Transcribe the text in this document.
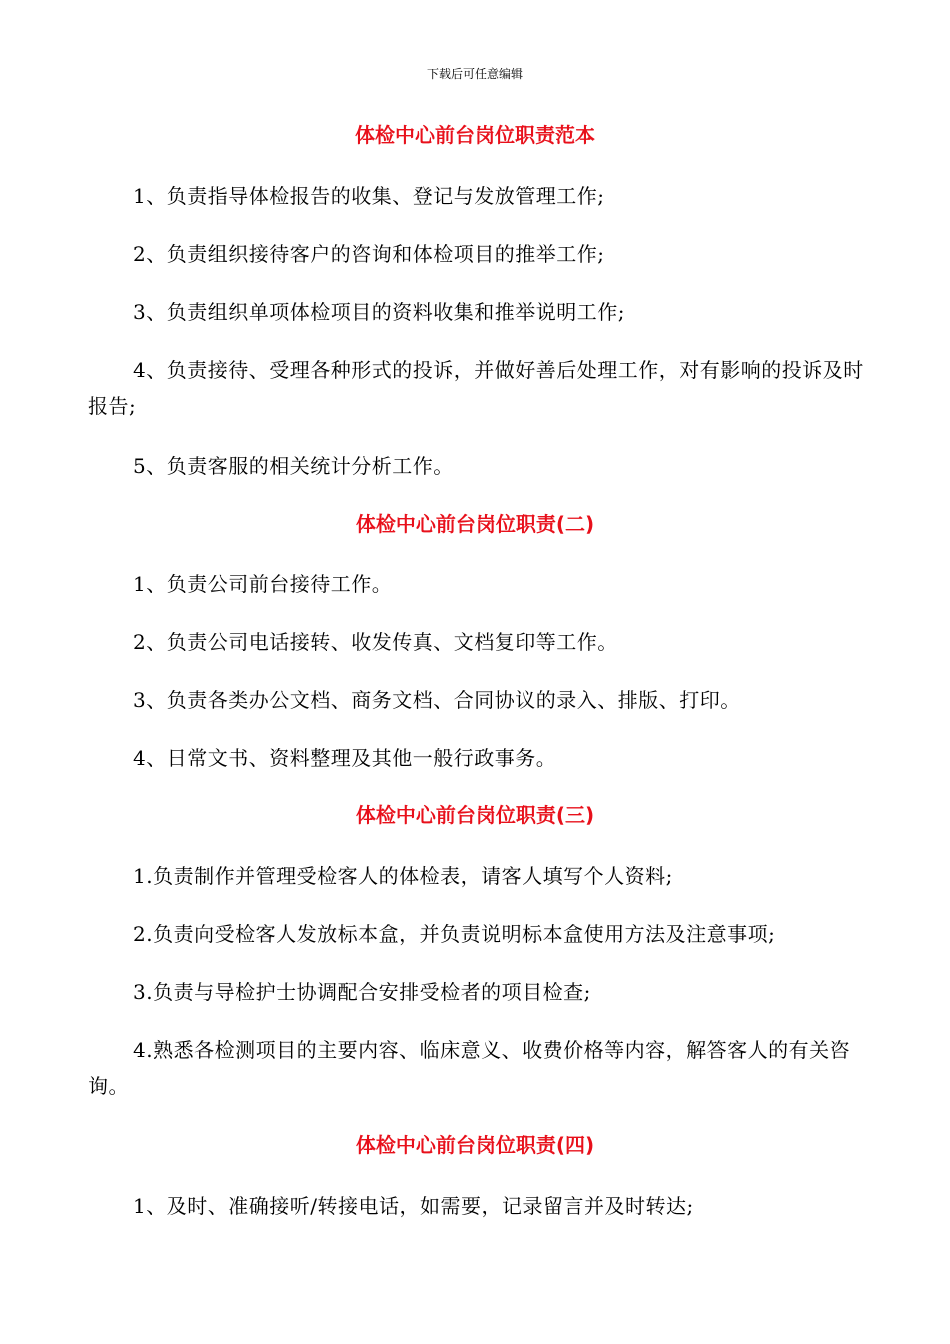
下载后可任意编辑
体检中心前台岗位职责范本
1、负责指导体检报告的收集、登记与发放管理工作;
2、负责组织接待客户的咨询和体检项目的推举工作;
3、负责组织单项体检项目的资料收集和推举说明工作;
4、负责接待、受理各种形式的投诉，并做好善后处理工作，对有影响的投诉及时报告;
5、负责客服的相关统计分析工作。
体检中心前台岗位职责(二)
1、负责公司前台接待工作。
2、负责公司电话接转、收发传真、文档复印等工作。
3、负责各类办公文档、商务文档、合同协议的录入、排版、打印。
4、日常文书、资料整理及其他一般行政事务。
体检中心前台岗位职责(三)
1.负责制作并管理受检客人的体检表，请客人填写个人资料;
2.负责向受检客人发放标本盒，并负责说明标本盒使用方法及注意事项;
3.负责与导检护士协调配合安排受检者的项目检查;
4.熟悉各检测项目的主要内容、临床意义、收费价格等内容，解答客人的有关咨询。
体检中心前台岗位职责(四)
1、及时、准确接听/转接电话，如需要，记录留言并及时转达;
